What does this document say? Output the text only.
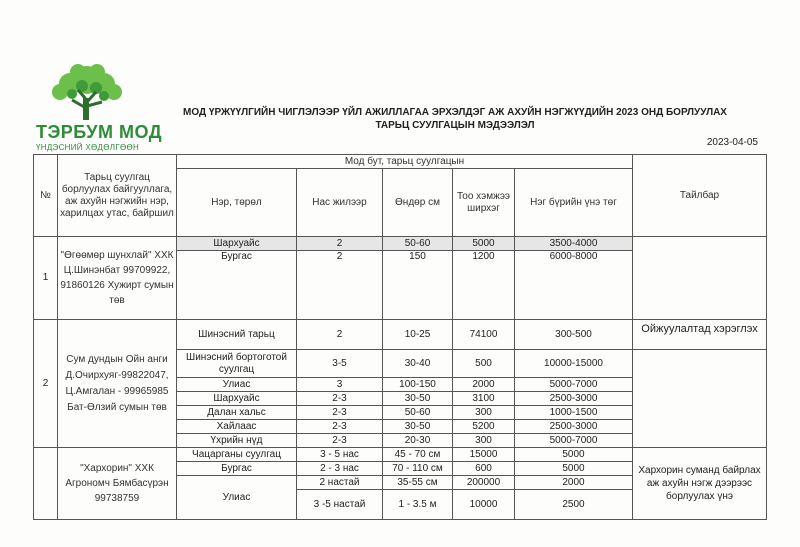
ТЭРБУМ МОД
ҮНДЭСНИЙ ХӨДӨЛГӨӨН
МОД ҮРЖҮҮЛГИЙН ЧИГЛЭЛЭЭР ҮЙЛ АЖИЛЛАГАА ЭРХЭЛДЭГ АЖ АХУЙН НЭГЖҮҮДИЙН 2023 ОНД БОРЛУУЛАХ
ТАРЬЦ СУУЛГАЦЫН МЭДЭЭЛЭЛ
2023-04-05
№	Тарьц суулгац борлуулах байгууллага, аж ахуйн нэгжийн нэр, харилцах утас, байршил	Мод бут, тарьц суулгацын					Тайлбар
		Нэр, төрөл	Нас жилээр	Өндөр см	Тоо хэмжээ ширхэг	Нэг бүрийн үнэ төг	
1	"Өгөөмөр шунхлай" ХХК Ц.Шинэнбат 99709922, 91860126 Хужирт сумын төв	Шархуайс	2	50-60	5000	3500-4000	
		Бургас	2	150	1200	6000-8000	
2	Сум дундын Ойн анги Д.Очирхуяг-99822047, Ц.Амгалан - 99965985 Бат-Өлзий сумын төв	Шинэсний тарьц	2	10-25	74100	300-500	Ойжуулалтад хэрэглэх
		Шинэсний бортоготой суулгац	3-5	30-40	500	10000-15000	
		Улиас	3	100-150	2000	5000-7000	
		Шархуайс	2-3	30-50	3100	2500-3000	
		Далан хальс	2-3	50-60	300	1000-1500	
		Хайлаас	2-3	30-50	5200	2500-3000	
		Үхрийн нүд	2-3	20-30	300	5000-7000	
	"Хархорин" ХХК Агрономч Бямбасүрэн 99738759	Чацарганы суулгац	3 - 5 нас	45 - 70 см	15000	5000	Хархорин суманд байрлах аж ахуйн нэгж дээрээс борлуулах үнэ
		Бургас	2 - 3 нас	70 - 110 см	600	5000	
		Улиас	2 настай	35-55 см	200000	2000	
			3 -5 настай	1 - 3.5 м	10000	2500	
